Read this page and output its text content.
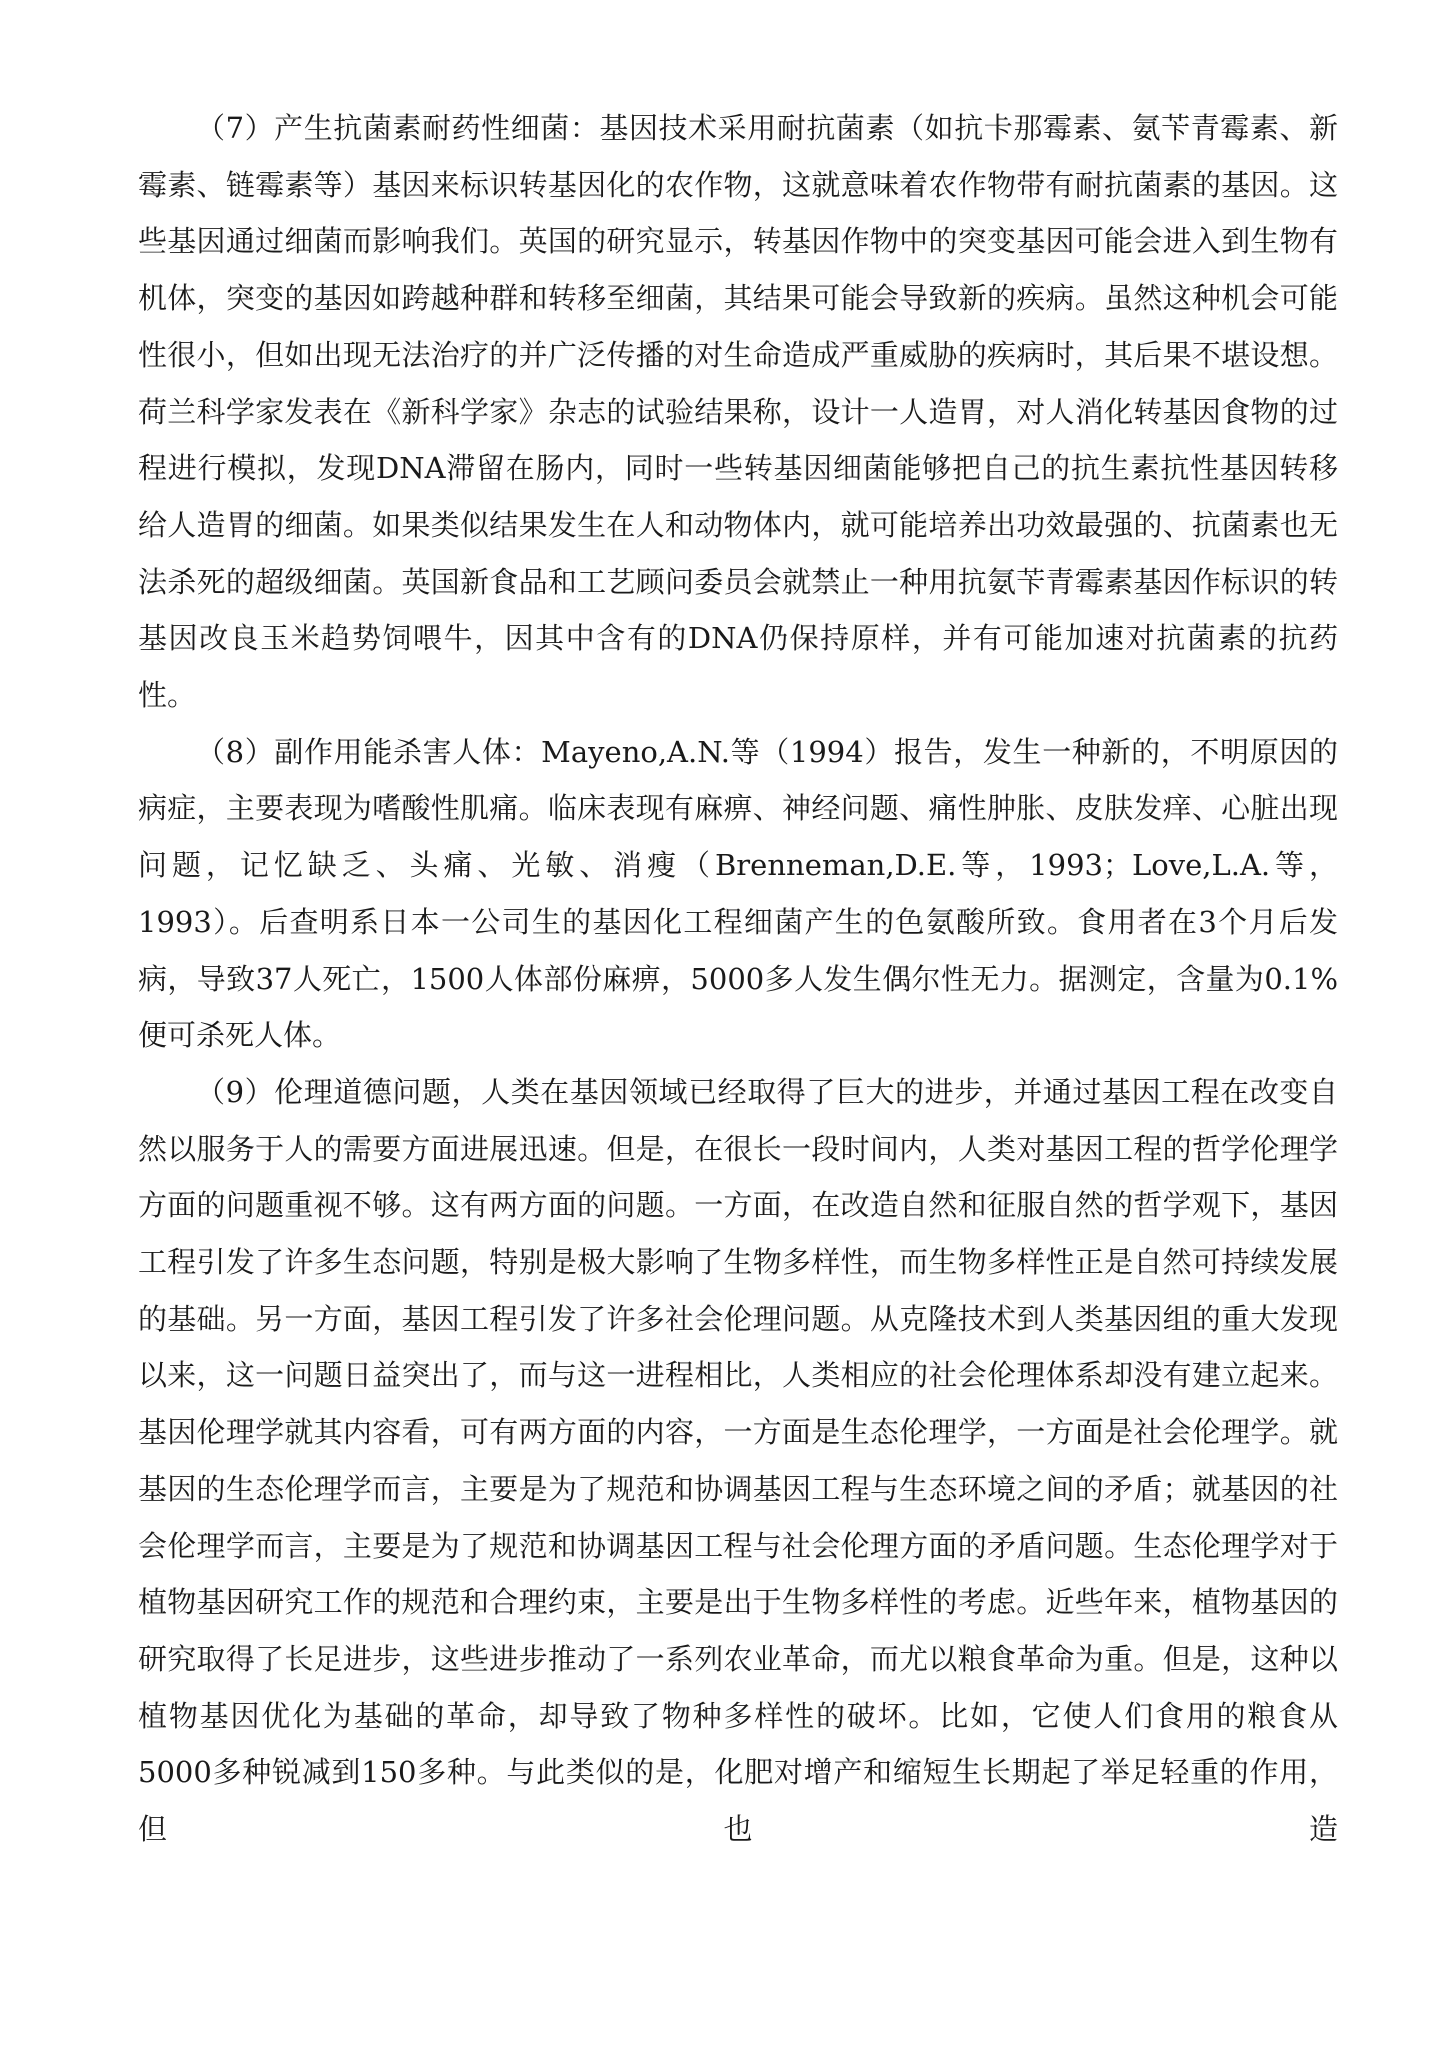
（7）产生抗菌素耐药性细菌：基因技术采用耐抗菌素（如抗卡那霉素、氨苄青霉素、新霉素、链霉素等）基因来标识转基因化的农作物，这就意味着农作物带有耐抗菌素的基因。这些基因通过细菌而影响我们。英国的研究显示，转基因作物中的突变基因可能会进入到生物有机体，突变的基因如跨越种群和转移至细菌，其结果可能会导致新的疾病。虽然这种机会可能性很小，但如出现无法治疗的并广泛传播的对生命造成严重威胁的疾病时，其后果不堪设想。荷兰科学家发表在《新科学家》杂志的试验结果称，设计一人造胃，对人消化转基因食物的过程进行模拟，发现DNA滞留在肠内，同时一些转基因细菌能够把自己的抗生素抗性基因转移给人造胃的细菌。如果类似结果发生在人和动物体内，就可能培养出功效最强的、抗菌素也无法杀死的超级细菌。英国新食品和工艺顾问委员会就禁止一种用抗氨苄青霉素基因作标识的转基因改良玉米趋势饲喂牛，因其中含有的DNA仍保持原样，并有可能加速对抗菌素的抗药性。

（8）副作用能杀害人体：Mayeno,A.N.等（1994）报告，发生一种新的，不明原因的病症，主要表现为嗜酸性肌痛。临床表现有麻痹、神经问题、痛性肿胀、皮肤发痒、心脏出现问题，记忆缺乏、头痛、光敏、消瘦（Brenneman,D.E.等，1993；Love,L.A.等，1993）。后查明系日本一公司生的基因化工程细菌产生的色氨酸所致。食用者在3个月后发病，导致37人死亡，1500人体部份麻痹，5000多人发生偶尔性无力。据测定，含量为0.1%便可杀死人体。

（9）伦理道德问题，人类在基因领域已经取得了巨大的进步，并通过基因工程在改变自然以服务于人的需要方面进展迅速。但是，在很长一段时间内，人类对基因工程的哲学伦理学方面的问题重视不够。这有两方面的问题。一方面，在改造自然和征服自然的哲学观下，基因工程引发了许多生态问题，特别是极大影响了生物多样性，而生物多样性正是自然可持续发展的基础。另一方面，基因工程引发了许多社会伦理问题。从克隆技术到人类基因组的重大发现以来，这一问题日益突出了，而与这一进程相比，人类相应的社会伦理体系却没有建立起来。基因伦理学就其内容看，可有两方面的内容，一方面是生态伦理学，一方面是社会伦理学。就基因的生态伦理学而言，主要是为了规范和协调基因工程与生态环境之间的矛盾；就基因的社会伦理学而言，主要是为了规范和协调基因工程与社会伦理方面的矛盾问题。生态伦理学对于植物基因研究工作的规范和合理约束，主要是出于生物多样性的考虑。近些年来，植物基因的研究取得了长足进步，这些进步推动了一系列农业革命，而尤以粮食革命为重。但是，这种以植物基因优化为基础的革命，却导致了物种多样性的破坏。比如，它使人们食用的粮食从5000多种锐减到150多种。与此类似的是，化肥对增产和缩短生长期起了举足轻重的作用，但也造
